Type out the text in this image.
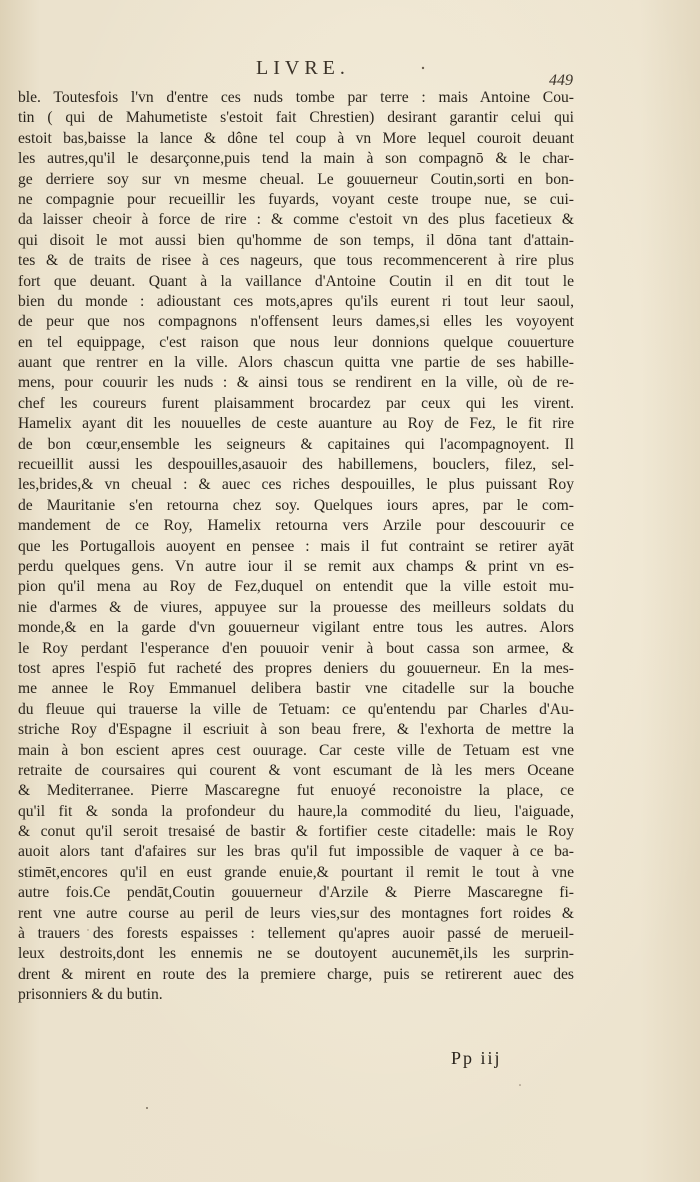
LIVRE.
449
ble. Toutesfois l'vn d'entre ces nuds tombe par terre : mais Antoine Cou-
tin ( qui de Mahumetiste s'estoit fait Chrestien) desirant garantir celui qui
estoit bas,baisse la lance & dône tel coup à vn More lequel couroit deuant
les autres,qu'il le desarçonne,puis tend la main à son compagnō & le char-
ge derriere soy sur vn mesme cheual. Le gouuerneur Coutin,sorti en bon-
ne compagnie pour recueillir les fuyards, voyant ceste troupe nue, se cui-
da laisser cheoir à force de rire : & comme c'estoit vn des plus facetieux &
qui disoit le mot aussi bien qu'homme de son temps, il dōna tant d'attain-
tes & de traits de risee à ces nageurs, que tous recommencerent à rire plus
fort que deuant. Quant à la vaillance d'Antoine Coutin il en dit tout le
bien du monde : adioustant ces mots,apres qu'ils eurent ri tout leur saoul,
de peur que nos compagnons n'offensent leurs dames,si elles les voyoyent
en tel equippage, c'est raison que nous leur donnions quelque couuerture
auant que rentrer en la ville. Alors chascun quitta vne partie de ses habille-
mens, pour couurir les nuds : & ainsi tous se rendirent en la ville, où de re-
chef les coureurs furent plaisamment brocardez par ceux qui les virent.
Hamelix ayant dit les nouuelles de ceste auanture au Roy de Fez, le fit rire
de bon cœur,ensemble les seigneurs & capitaines qui l'acompagnoyent. Il
recueillit aussi les despouilles,asauoir des habillemens, bouclers, filez, sel-
les,brides,& vn cheual : & auec ces riches despouilles, le plus puissant Roy
de Mauritanie s'en retourna chez soy. Quelques iours apres, par le com-
mandement de ce Roy, Hamelix retourna vers Arzile pour descouurir ce
que les Portugallois auoyent en pensee : mais il fut contraint se retirer ayāt
perdu quelques gens. Vn autre iour il se remit aux champs & print vn es-
pion qu'il mena au Roy de Fez,duquel on entendit que la ville estoit mu-
nie d'armes & de viures, appuyee sur la prouesse des meilleurs soldats du
monde,& en la garde d'vn gouuerneur vigilant entre tous les autres. Alors
le Roy perdant l'esperance d'en pouuoir venir à bout cassa son armee, &
tost apres l'espiō fut racheté des propres deniers du gouuerneur. En la mes-
me annee le Roy Emmanuel delibera bastir vne citadelle sur la bouche
du fleuue qui trauerse la ville de Tetuam: ce qu'entendu par Charles d'Au-
striche Roy d'Espagne il escriuit à son beau frere, & l'exhorta de mettre la
main à bon escient apres cest ouurage. Car ceste ville de Tetuam est vne
retraite de coursaires qui courent & vont escumant de là les mers Oceane
& Mediterranee. Pierre Mascaregne fut enuoyé reconoistre la place, ce
qu'il fit & sonda la profondeur du haure,la commodité du lieu, l'aiguade,
& conut qu'il seroit tresaisé de bastir & fortifier ceste citadelle: mais le Roy
auoit alors tant d'afaires sur les bras qu'il fut impossible de vaquer à ce ba-
stimēt,encores qu'il en eust grande enuie,& pourtant il remit le tout à vne
autre fois.Ce pendāt,Coutin gouuerneur d'Arzile & Pierre Mascaregne fi-
rent vne autre course au peril de leurs vies,sur des montagnes fort roides &
à trauers des forests espaisses : tellement qu'apres auoir passé de merueil-
leux destroits,dont les ennemis ne se doutoyent aucunemēt,ils les surprin-
drent & mirent en route des la premiere charge, puis se retirerent auec des
prisonniers & du butin.
Pp iij
